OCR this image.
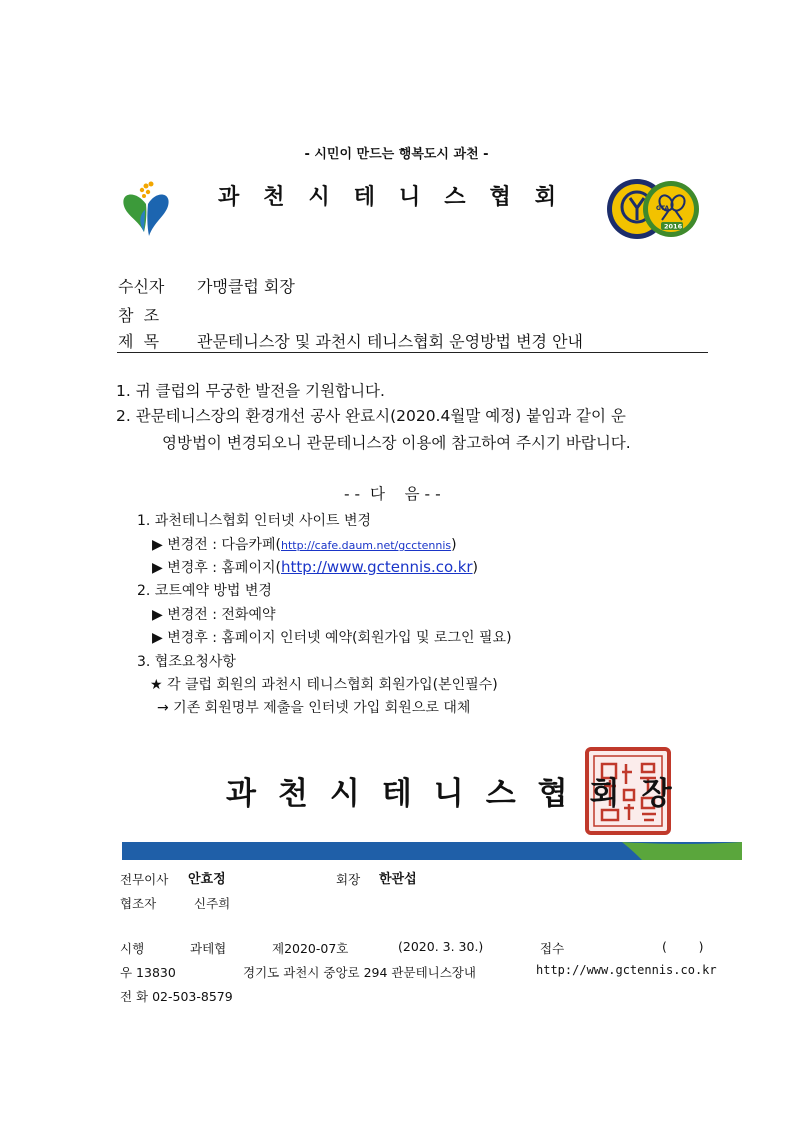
- 시민이 만드는 행복도시 과천 -
과천시테니스협회	GTA
2016
수신자 가맹클럽 회장
참  조
제  목 관문테니스장 및 과천시 테니스협회 운영방법 변경 안내
1. 귀 클럽의 무궁한 발전을 기원합니다.
2. 관문테니스장의 환경개선 공사 완료시(2020.4월말 예정) 붙임과 같이 운
영방법이 변경되오니 관문테니스장 이용에 참고하여 주시기 바랍니다.
- -  다    음 - -
1. 과천테니스협회 인터넷 사이트 변경
▶ 변경전 : 다음카페(http://cafe.daum.net/gcctennis)
▶ 변경후 : 홈페이지(http://www.gctennis.co.kr)
2. 코트예약 방법 변경
▶ 변경전 : 전화예약
▶ 변경후 : 홈페이지 인터넷 예약(회원가입 및 로그인 필요)
3. 협조요청사항
★ 각 클럽 회원의 과천시 테니스협회 회원가입(본인필수)
→ 기존 회원명부 제출을 인터넷 가입 회원으로 대체
과천시테니스협회장
전무이사 안효정	회장 한관섭
협조자	신주희
시행	과테협	제2020-07호	(2020. 3. 30.)	접수	(        )
우 13830	경기도 과천시 중앙로 294 관문테니스장내	http://www.gctennis.co.kr
전 화 02-503-8579
